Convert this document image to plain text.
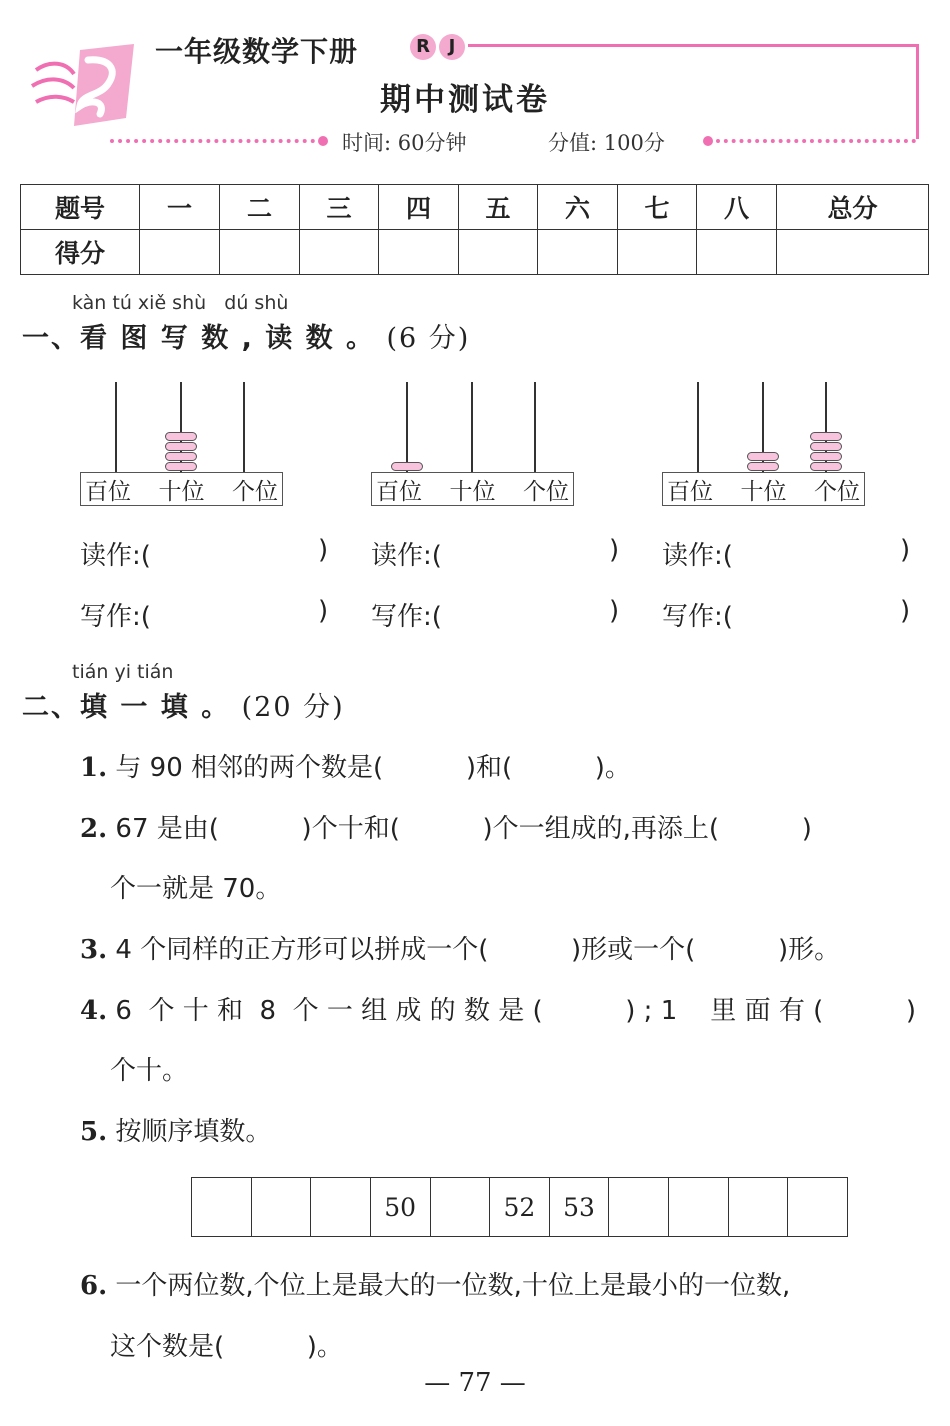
一年级数学下册	R	J
期中测试卷
时间: 60分钟	分值: 100分
题号	一	二	三	四	五	六	七	八	总分
得分									
kàn tú xiě shù   dú shù
一、看 图 写 数 , 读 数 。 (6 分)
百位 十位 个位	百位 十位 个位	百位 十位 个位
读作:(	) 读作:(	) 读作:(	)
写作:(	) 写作:(	) 写作:(	)
tián yi tián
二、填 一 填 。 (20 分)
1. 与 90 相邻的两个数是(          )和(          )。
2. 67 是由(          )个十和(          )个一组成的,再添上(          )
个一就是 70。
3. 4 个同样的正方形可以拼成一个(          )形或一个(          )形。
4. 6  个 十 和  8  个 一 组 成 的 数 是 (          ) ; 1    里 面 有 (          )
个十。
5. 按顺序填数。
			50		52	53				
6. 一个两位数,个位上是最大的一位数,十位上是最小的一位数,
这个数是(          )。
— 77 —
